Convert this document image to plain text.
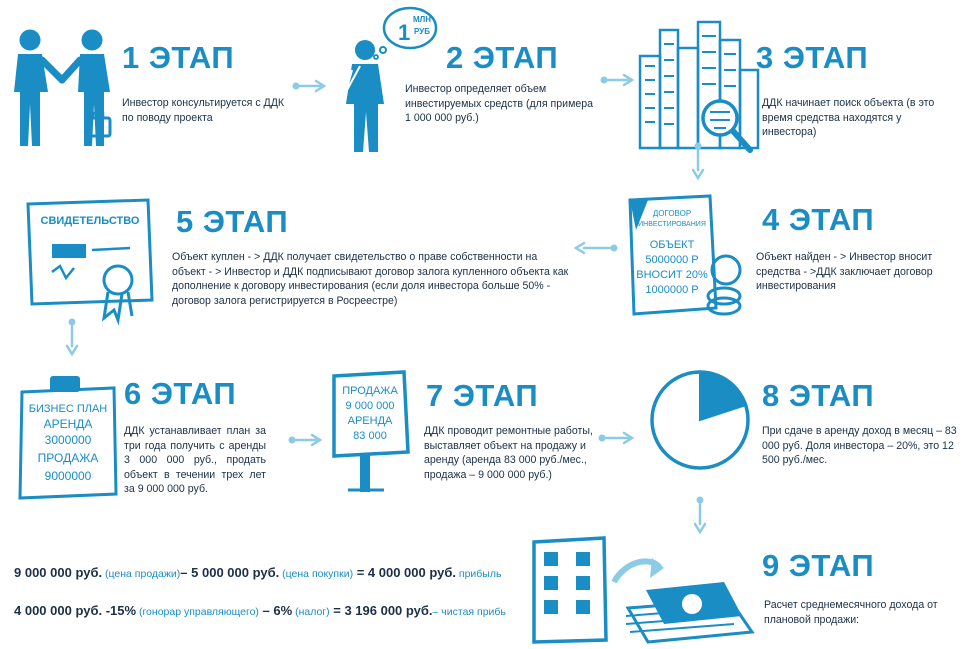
1
МЛН
РУБ
ДОГОВОР
ИНВЕСТИРОВАНИЯ
ОБЪЕКТ
5000000 Р
ВНОСИТ 20%
1000000 Р
СВИДЕТЕЛЬСТВО
БИЗНЕС ПЛАН
АРЕНДА
3000000
ПРОДАЖА
9000000
ПРОДАЖА
9 000 000
АРЕНДА
83 000
12500
1 ЭТАП	2 ЭТАП	3 ЭТАП
4 ЭТАП
5 ЭТАП
6 ЭТАП	7 ЭТАП	8 ЭТАП
9 ЭТАП
Инвестор консультируется с ДДК по поводу проекта
Инвестор определяет объем инвестируемых средств (для примера 1 000 000 руб.)
ДДК начинает поиск объекта (в это время средства находятся у инвестора)
Объект найден - > Инвестор вносит средства - >ДДК заключает договор инвестирования
Объект куплен - > ДДК получает свидетельство о праве собственности на объект - > Инвестор и ДДК подписывают договор залога купленного объекта как дополнение к договору инвестирования (если доля инвестора больше 50% - договор залога регистрируется в Росреестре)
ДДК устанавливает план за три года получить с аренды 3 000 000 руб., продать объект в течении трех лет за 9 000 000 руб.
ДДК проводит ремонтные работы, выставляет объект на продажу и аренду (аренда 83 000 руб./мес., продажа – 9 000 000 руб.)
При сдаче в аренду доход в месяц – 83 000 руб. Доля инвестора – 20%, это 12 500 руб./мес.
Расчет среднемесячного дохода от плановой продажи:
9 000 000 руб. (цена продажи)– 5 000 000 руб. (цена покупки) = 4 000 000 руб. прибыль
4 000 000 руб. -15% (гонорар управляющего) – 6% (налог) = 3 196 000 руб.– чистая прибь
